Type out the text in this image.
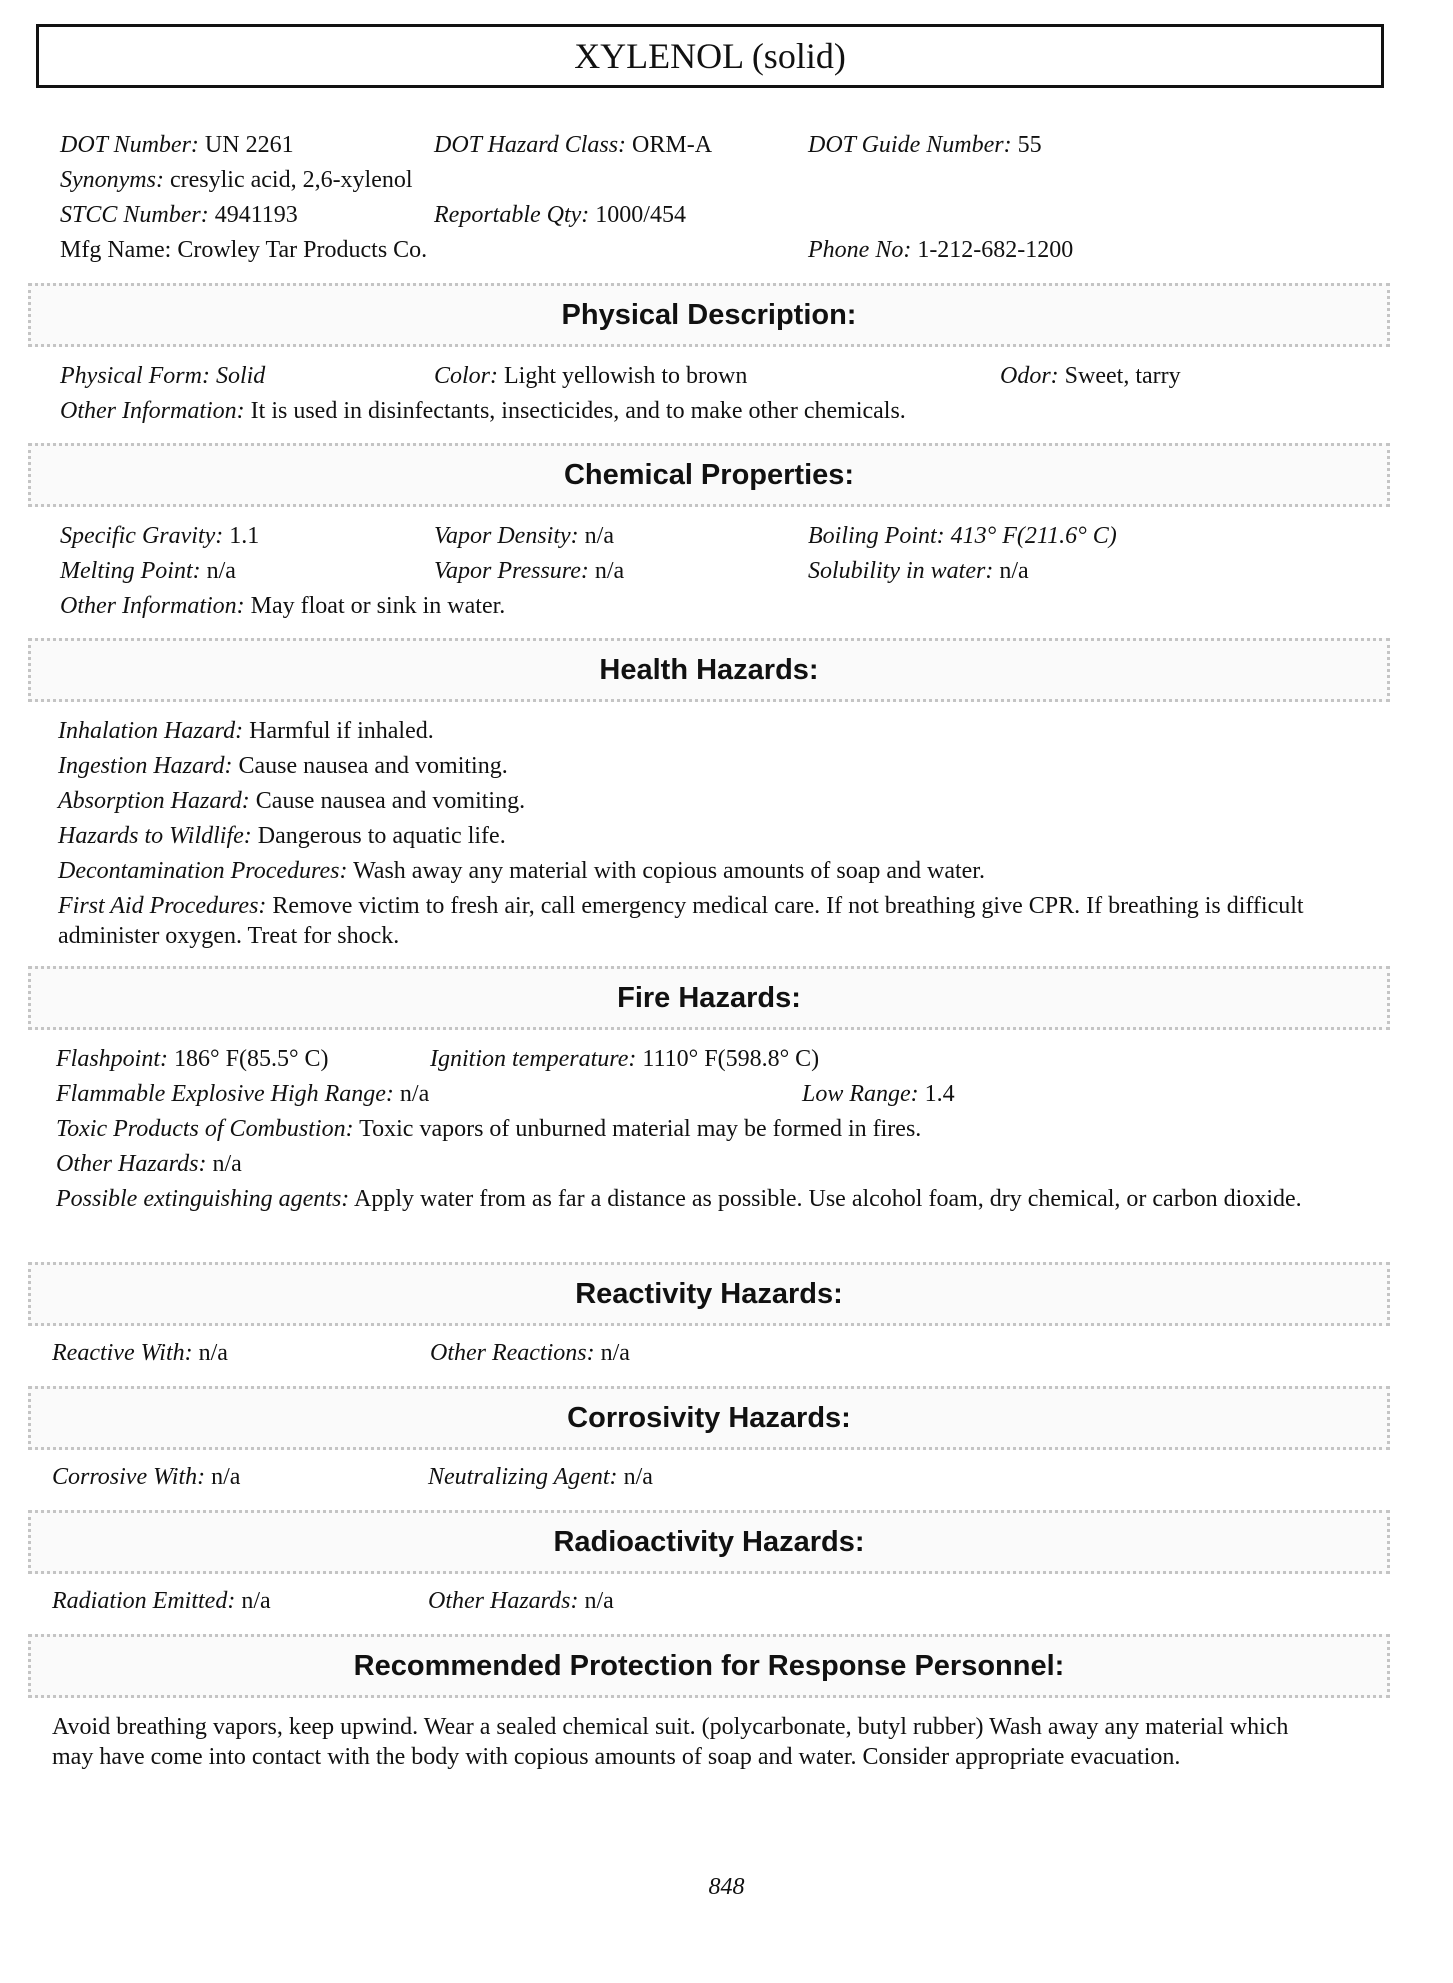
XYLENOL (solid)
DOT Number: UN 2261	DOT Hazard Class: ORM-A	DOT Guide Number: 55
Synonyms: cresylic acid, 2,6-xylenol
STCC Number: 4941193	Reportable Qty: 1000/454
Mfg Name: Crowley Tar Products Co.	Phone No: 1-212-682-1200
Physical Description:
Physical Form: Solid	Color: Light yellowish to brown	Odor: Sweet, tarry
Other Information: It is used in disinfectants, insecticides, and to make other chemicals.
Chemical Properties:
Specific Gravity: 1.1	Vapor Density: n/a	Boiling Point: 413° F(211.6° C)
Melting Point: n/a	Vapor Pressure: n/a	Solubility in water: n/a
Other Information: May float or sink in water.
Health Hazards:
Inhalation Hazard: Harmful if inhaled.
Ingestion Hazard: Cause nausea and vomiting.
Absorption Hazard: Cause nausea and vomiting.
Hazards to Wildlife: Dangerous to aquatic life.
Decontamination Procedures: Wash away any material with copious amounts of soap and water.
First Aid Procedures: Remove victim to fresh air, call emergency medical care. If not breathing give CPR. If breathing is difficult administer oxygen. Treat for shock.
Fire Hazards:
Flashpoint: 186° F(85.5° C)	Ignition temperature: 1110° F(598.8° C)
Flammable Explosive High Range: n/a	Low Range: 1.4
Toxic Products of Combustion: Toxic vapors of unburned material may be formed in fires.
Other Hazards: n/a
Possible extinguishing agents: Apply water from as far a distance as possible. Use alcohol foam, dry chemical, or carbon dioxide.
Reactivity Hazards:
Reactive With: n/a	Other Reactions: n/a
Corrosivity Hazards:
Corrosive With: n/a	Neutralizing Agent: n/a
Radioactivity Hazards:
Radiation Emitted: n/a	Other Hazards: n/a
Recommended Protection for Response Personnel:
Avoid breathing vapors, keep upwind. Wear a sealed chemical suit. (polycarbonate, butyl rubber) Wash away any material which may have come into contact with the body with copious amounts of soap and water. Consider appropriate evacuation.
848
